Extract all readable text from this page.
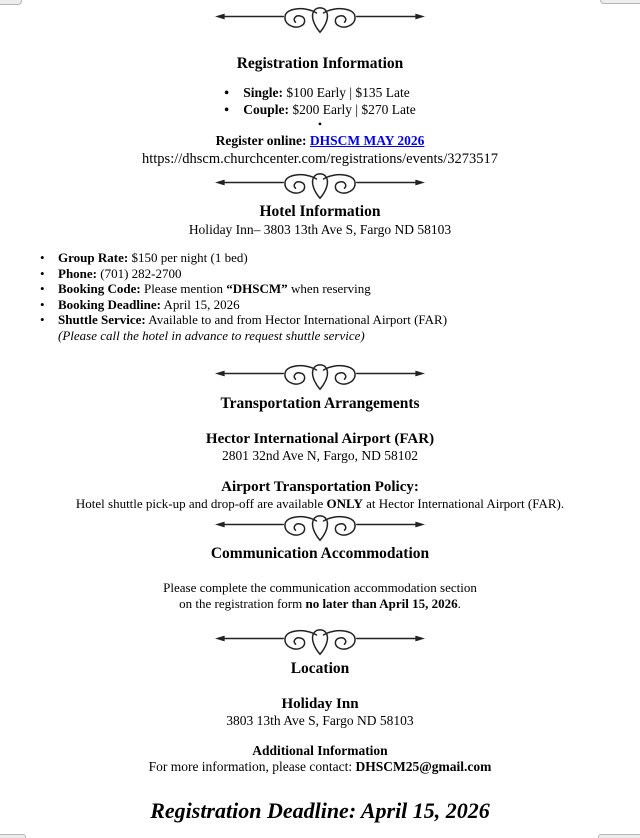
Registration Information
• Single: $100 Early | $135 Late
• Couple: $200 Early | $270 Late
•
Register online: DHSCM MAY 2026
https://dhscm.churchcenter.com/registrations/events/3273517
Hotel Information
Holiday Inn– 3803 13th Ave S, Fargo ND 58103
• Group Rate: $150 per night (1 bed)
• Phone: (701) 282-2700
• Booking Code: Please mention “DHSCM” when reserving
• Booking Deadline: April 15, 2026
• Shuttle Service: Available to and from Hector International Airport (FAR)
(Please call the hotel in advance to request shuttle service)
Transportation Arrangements
Hector International Airport (FAR)
2801 32nd Ave N, Fargo, ND 58102
Airport Transportation Policy:
Hotel shuttle pick-up and drop-off are available ONLY at Hector International Airport (FAR).
Communication Accommodation
Please complete the communication accommodation section
on the registration form no later than April 15, 2026.
Location
Holiday Inn
3803 13th Ave S, Fargo ND 58103
Additional Information
For more information, please contact: DHSCM25@gmail.com
Registration Deadline: April 15, 2026
